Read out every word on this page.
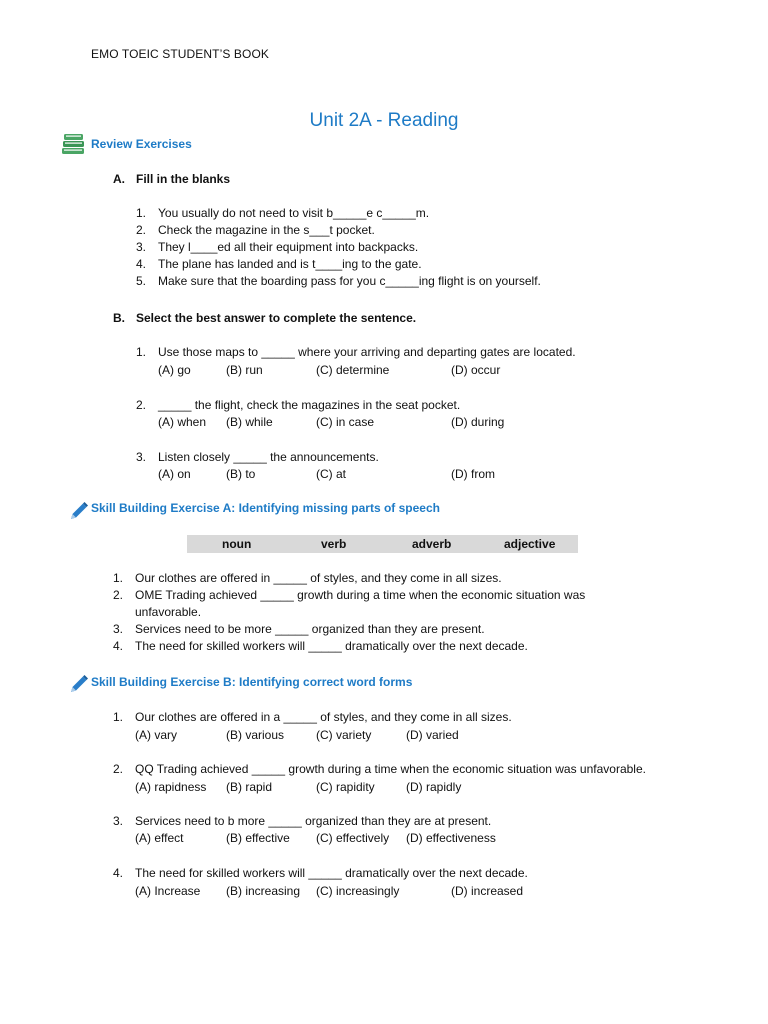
EMO TOEIC STUDENT’S BOOK
Unit 2A - Reading
Review Exercises
A. Fill in the blanks
1. You usually do not need to visit b_____e c_____m.
2. Check the magazine in the s___t pocket.
3. They l____ed all their equipment into backpacks.
4. The plane has landed and is t____ing to the gate.
5. Make sure that the boarding pass for you c_____ing flight is on yourself.
B. Select the best answer to complete the sentence.
1. Use those maps to _____ where your arriving and departing gates are located.
(A) go	(B) run	(C) determine	(D) occur
2. _____ the flight, check the magazines in the seat pocket.
(A) when (B) while	(C) in case	(D) during
3. Listen closely _____ the announcements.
(A) on	(B) to	(C) at	(D) from
Skill Building Exercise A: Identifying missing parts of speech
noun	verb	adverb	adjective
1. Our clothes are offered in _____ of styles, and they come in all sizes.
2. OME Trading achieved _____ growth during a time when the economic situation was
unfavorable.
3. Services need to be more _____ organized than they are present.
4. The need for skilled workers will _____ dramatically over the next decade.
Skill Building Exercise B: Identifying correct word forms
1. Our clothes are offered in a _____ of styles, and they come in all sizes.
(A) vary	(B) various	(C) variety	(D) varied
2. QQ Trading achieved _____ growth during a time when the economic situation was unfavorable.
(A) rapidness (B) rapid	(C) rapidity	(D) rapidly
3. Services need to b more _____ organized than they are at present.
(A) effect	(B) effective (C) effectively (D) effectiveness
4. The need for skilled workers will _____ dramatically over the next decade.
(A) Increase (B) increasing (C) increasingly	(D) increased
